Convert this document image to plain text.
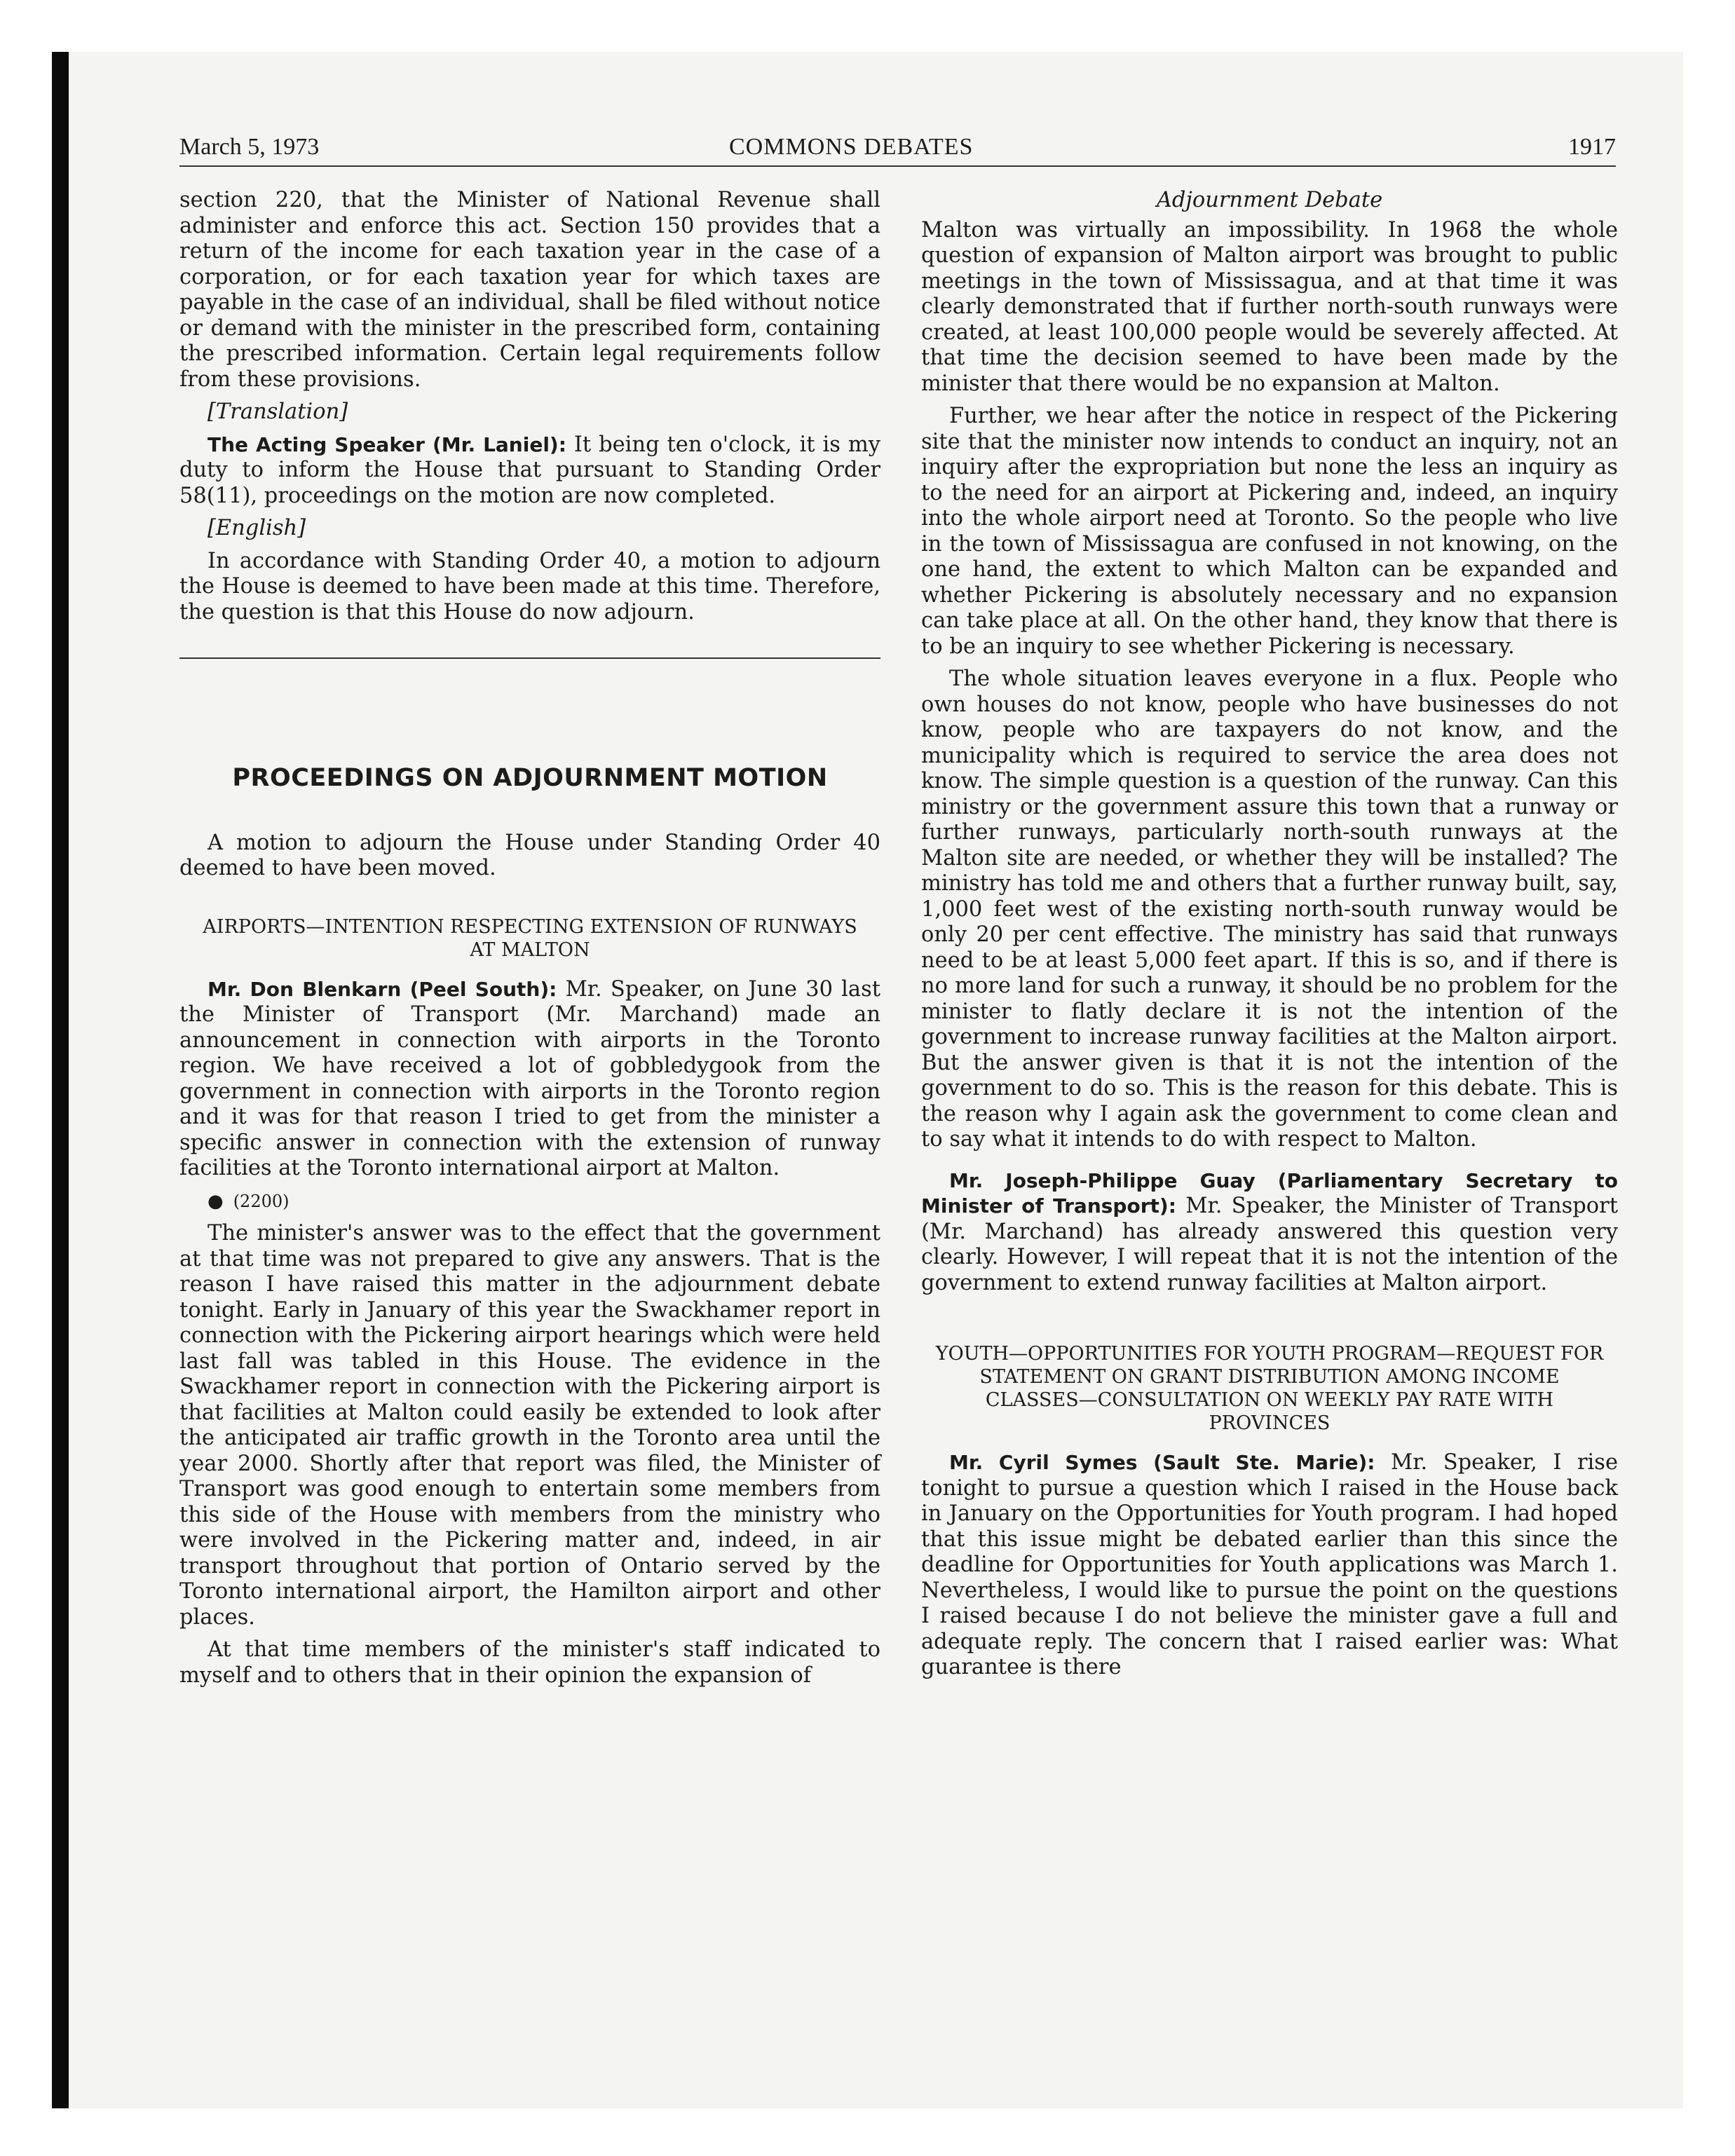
March 5, 1973	COMMONS DEBATES	1917

section 220, that the Minister of National Revenue shall administer and enforce this act. Section 150 provides that a return of the income for each taxation year in the case of a corporation, or for each taxation year for which taxes are payable in the case of an individual, shall be filed without notice or demand with the minister in the prescribed form, containing the prescribed information. Certain legal requirements follow from these provisions.

[Translation]

The Acting Speaker (Mr. Laniel): It being ten o'clock, it is my duty to inform the House that pursuant to Standing Order 58(11), proceedings on the motion are now completed.

[English]

In accordance with Standing Order 40, a motion to adjourn the House is deemed to have been made at this time. Therefore, the question is that this House do now adjourn.

PROCEEDINGS ON ADJOURNMENT MOTION

A motion to adjourn the House under Standing Order 40 deemed to have been moved.

AIRPORTS—INTENTION RESPECTING EXTENSION OF RUNWAYS AT MALTON

Mr. Don Blenkarn (Peel South): Mr. Speaker, on June 30 last the Minister of Transport (Mr. Marchand) made an announcement in connection with airports in the Toronto region. We have received a lot of gobbledygook from the government in connection with airports in the Toronto region and it was for that reason I tried to get from the minister a specific answer in connection with the extension of runway facilities at the Toronto international airport at Malton.

● (2200)

The minister's answer was to the effect that the government at that time was not prepared to give any answers. That is the reason I have raised this matter in the adjournment debate tonight. Early in January of this year the Swackhamer report in connection with the Pickering airport hearings which were held last fall was tabled in this House. The evidence in the Swackhamer report in connection with the Pickering airport is that facilities at Malton could easily be extended to look after the anticipated air traffic growth in the Toronto area until the year 2000. Shortly after that report was filed, the Minister of Transport was good enough to entertain some members from this side of the House with members from the ministry who were involved in the Pickering matter and, indeed, in air transport throughout that portion of Ontario served by the Toronto international airport, the Hamilton airport and other places.

At that time members of the minister's staff indicated to myself and to others that in their opinion the expansion of

Adjournment Debate

Malton was virtually an impossibility. In 1968 the whole question of expansion of Malton airport was brought to public meetings in the town of Mississagua, and at that time it was clearly demonstrated that if further north-south runways were created, at least 100,000 people would be severely affected. At that time the decision seemed to have been made by the minister that there would be no expansion at Malton.

Further, we hear after the notice in respect of the Pickering site that the minister now intends to conduct an inquiry, not an inquiry after the expropriation but none the less an inquiry as to the need for an airport at Pickering and, indeed, an inquiry into the whole airport need at Toronto. So the people who live in the town of Mississagua are confused in not knowing, on the one hand, the extent to which Malton can be expanded and whether Pickering is absolutely necessary and no expansion can take place at all. On the other hand, they know that there is to be an inquiry to see whether Pickering is necessary.

The whole situation leaves everyone in a flux. People who own houses do not know, people who have businesses do not know, people who are taxpayers do not know, and the municipality which is required to service the area does not know. The simple question is a question of the runway. Can this ministry or the government assure this town that a runway or further runways, particularly north-south runways at the Malton site are needed, or whether they will be installed? The ministry has told me and others that a further runway built, say, 1,000 feet west of the existing north-south runway would be only 20 per cent effective. The ministry has said that runways need to be at least 5,000 feet apart. If this is so, and if there is no more land for such a runway, it should be no problem for the minister to flatly declare it is not the intention of the government to increase runway facilities at the Malton airport. But the answer given is that it is not the intention of the government to do so. This is the reason for this debate. This is the reason why I again ask the government to come clean and to say what it intends to do with respect to Malton.

Mr. Joseph-Philippe Guay (Parliamentary Secretary to Minister of Transport): Mr. Speaker, the Minister of Transport (Mr. Marchand) has already answered this question very clearly. However, I will repeat that it is not the intention of the government to extend runway facilities at Malton airport.

YOUTH—OPPORTUNITIES FOR YOUTH PROGRAM—REQUEST FOR STATEMENT ON GRANT DISTRIBUTION AMONG INCOME CLASSES—CONSULTATION ON WEEKLY PAY RATE WITH PROVINCES

Mr. Cyril Symes (Sault Ste. Marie): Mr. Speaker, I rise tonight to pursue a question which I raised in the House back in January on the Opportunities for Youth program. I had hoped that this issue might be debated earlier than this since the deadline for Opportunities for Youth applications was March 1. Nevertheless, I would like to pursue the point on the questions I raised because I do not believe the minister gave a full and adequate reply. The concern that I raised earlier was: What guarantee is there
